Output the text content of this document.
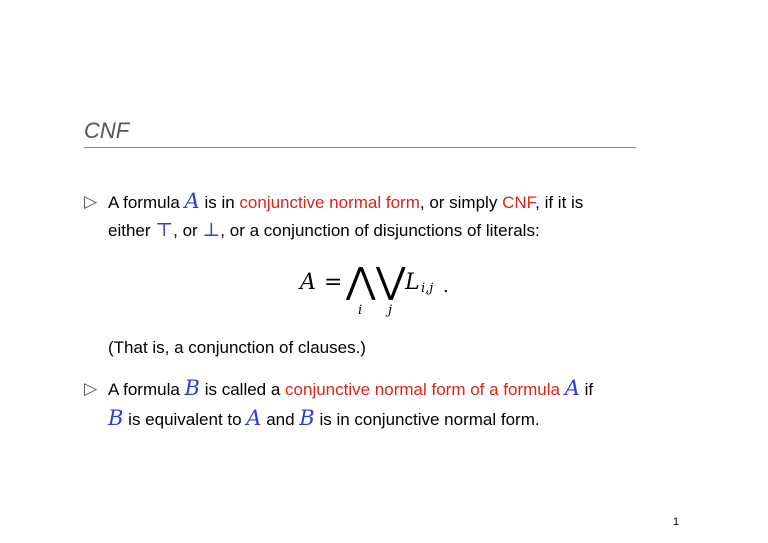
CNF
▷ A formula A is in conjunctive normal form, or simply CNF, if it is
either ⊤, or ⊥, or a conjunction of disjunctions of literals:
A = ⋀ ⋁
i j
L i,j .
(That is, a conjunction of clauses.)
▷ A formula B is called a conjunctive normal form of a formula A if
B is equivalent to A and B is in conjunctive normal form.
1
